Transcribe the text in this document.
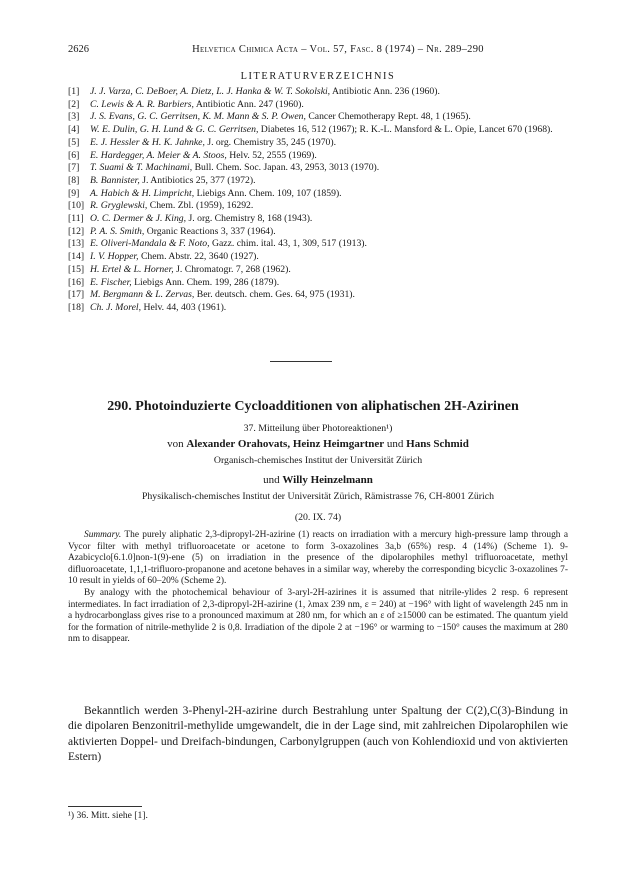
2626	Helvetica Chimica Acta – Vol. 57, Fasc. 8 (1974) – Nr. 289–290
LITERATURVERZEICHNIS
[1]	J. J. Varza, C. DeBoer, A. Dietz, L. J. Hanka & W. T. Sokolski, Antibiotic Ann. 236 (1960).
[2]	C. Lewis & A. R. Barbiers, Antibiotic Ann. 247 (1960).
[3]	J. S. Evans, G. C. Gerritsen, K. M. Mann & S. P. Owen, Cancer Chemotherapy Rept. 48, 1 (1965).
[4]	W. E. Dulin, G. H. Lund & G. C. Gerritsen, Diabetes 16, 512 (1967); R. K.-L. Mansford & L. Opie, Lancet 670 (1968).
[5]	E. J. Hessler & H. K. Jahnke, J. org. Chemistry 35, 245 (1970).
[6]	E. Hardegger, A. Meier & A. Stoos, Helv. 52, 2555 (1969).
[7]	T. Suami & T. Machinami, Bull. Chem. Soc. Japan. 43, 2953, 3013 (1970).
[8]	B. Bannister, J. Antibiotics 25, 377 (1972).
[9]	A. Habich & H. Limpricht, Liebigs Ann. Chem. 109, 107 (1859).
[10] R. Gryglewski, Chem. Zbl. (1959), 16292.
[11] O. C. Dermer & J. King, J. org. Chemistry 8, 168 (1943).
[12] P. A. S. Smith, Organic Reactions 3, 337 (1964).
[13] E. Oliveri-Mandala & F. Noto, Gazz. chim. ital. 43, 1, 309, 517 (1913).
[14] I. V. Hopper, Chem. Abstr. 22, 3640 (1927).
[15] H. Ertel & L. Horner, J. Chromatogr. 7, 268 (1962).
[16] E. Fischer, Liebigs Ann. Chem. 199, 286 (1879).
[17] M. Bergmann & L. Zervas, Ber. deutsch. chem. Ges. 64, 975 (1931).
[18] Ch. J. Morel, Helv. 44, 403 (1961).
290. Photoinduzierte Cycloadditionen von aliphatischen 2H-Azirinen
37. Mitteilung über Photoreaktionen¹)
von Alexander Orahovats, Heinz Heimgartner und Hans Schmid
Organisch-chemisches Institut der Universität Zürich
und Willy Heinzelmann
Physikalisch-chemisches Institut der Universität Zürich, Rämistrasse 76, CH-8001 Zürich
(20. IX. 74)

Summary. The purely aliphatic 2,3-dipropyl-2H-azirine (1) reacts on irradiation with a mercury high-pressure lamp through a Vycor filter with methyl trifluoroacetate or acetone to form 3-oxazolines 3a,b (65%) resp. 4 (14%) (Scheme 1). 9-Azabicyclo[6.1.0]non-1(9)-ene (5) on irradiation in the presence of the dipolarophiles methyl trifluoroacetate, methyl difluoroacetate, 1,1,1-trifluoro-propanone and acetone behaves in a similar way, whereby the corresponding bicyclic 3-oxazolines 7-10 result in yields of 60–20% (Scheme 2).

By analogy with the photochemical behaviour of 3-aryl-2H-azirines it is assumed that nitrile-ylides 2 resp. 6 represent intermediates. In fact irradiation of 2,3-dipropyl-2H-azirine (1, λmax 239 nm, ε = 240) at −196° with light of wavelength 245 nm in a hydrocarbonglass gives rise to a pronounced maximum at 280 nm, for which an ε of ≥15000 can be estimated. The quantum yield for the formation of nitrile-methylide 2 is 0,8. Irradiation of the dipole 2 at −196° or warming to −150° causes the maximum at 280 nm to disappear.

Bekanntlich werden 3-Phenyl-2H-azirine durch Bestrahlung unter Spaltung der C(2),C(3)-Bindung in die dipolaren Benzonitril-methylide umgewandelt, die in der Lage sind, mit zahlreichen Dipolarophilen wie aktivierten Doppel- und Dreifach-bindungen, Carbonylgruppen (auch von Kohlendioxid und von aktivierten Estern)

¹) 36. Mitt. siehe [1].
